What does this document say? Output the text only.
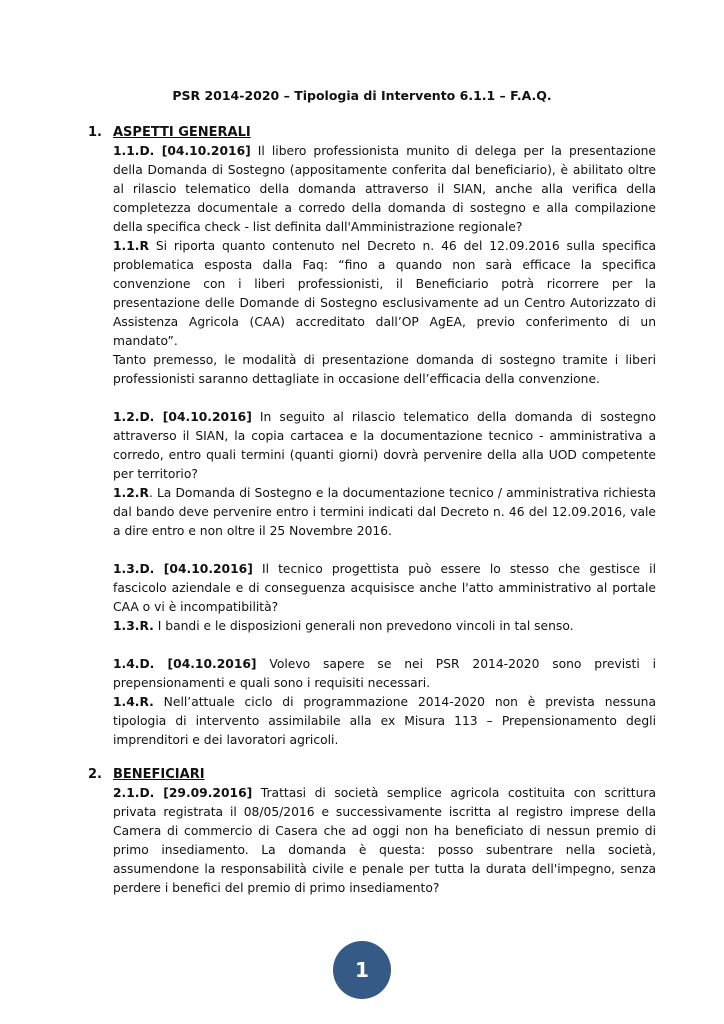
PSR 2014-2020 – Tipologia di Intervento 6.1.1 – F.A.Q.
1. ASPETTI GENERALI

1.1.D. [04.10.2016] Il libero professionista munito di delega per la presentazione della Domanda di Sostegno (appositamente conferita dal beneficiario), è abilitato oltre al rilascio telematico della domanda attraverso il SIAN, anche alla verifica della completezza documentale a corredo della domanda di sostegno e alla compilazione della specifica check - list definita dall'Amministrazione regionale?

1.1.R Si riporta quanto contenuto nel Decreto n. 46 del 12.09.2016 sulla specifica problematica esposta dalla Faq: “fino a quando non sarà efficace la specifica convenzione con i liberi professionisti, il Beneficiario potrà ricorrere per la presentazione delle Domande di Sostegno esclusivamente ad un Centro Autorizzato di Assistenza Agricola (CAA) accreditato dall’OP AgEA, previo conferimento di un mandato”.

Tanto premesso, le modalità di presentazione domanda di sostegno tramite i liberi professionisti saranno dettagliate in occasione dell’efficacia della convenzione.

1.2.D. [04.10.2016] In seguito al rilascio telematico della domanda di sostegno attraverso il SIAN, la copia cartacea e la documentazione tecnico - amministrativa a corredo, entro quali termini (quanti giorni) dovrà pervenire della alla UOD competente per territorio?

1.2.R. La Domanda di Sostegno e la documentazione tecnico / amministrativa richiesta dal bando deve pervenire entro i termini indicati dal Decreto n. 46 del 12.09.2016, vale a dire entro e non oltre il 25 Novembre 2016.

1.3.D. [04.10.2016] Il tecnico progettista può essere lo stesso che gestisce il fascicolo aziendale e di conseguenza acquisisce anche l'atto amministrativo al portale CAA o vi è incompatibilità?

1.3.R. I bandi e le disposizioni generali non prevedono vincoli in tal senso.

1.4.D. [04.10.2016] Volevo sapere se nei PSR 2014-2020 sono previsti i prepensionamenti e quali sono i requisiti necessari.

1.4.R. Nell’attuale ciclo di programmazione 2014-2020 non è prevista nessuna tipologia di intervento assimilabile alla ex Misura 113 – Prepensionamento degli imprenditori e dei lavoratori agricoli.

2. BENEFICIARI

2.1.D. [29.09.2016] Trattasi di società semplice agricola costituita con scrittura privata registrata il 08/05/2016 e successivamente iscritta al registro imprese della Camera di commercio di Casera che ad oggi non ha beneficiato di nessun premio di primo insediamento. La domanda è questa: posso subentrare nella società, assumendone la responsabilità civile e penale per tutta la durata dell'impegno, senza perdere i benefici del premio di primo insediamento?

1
